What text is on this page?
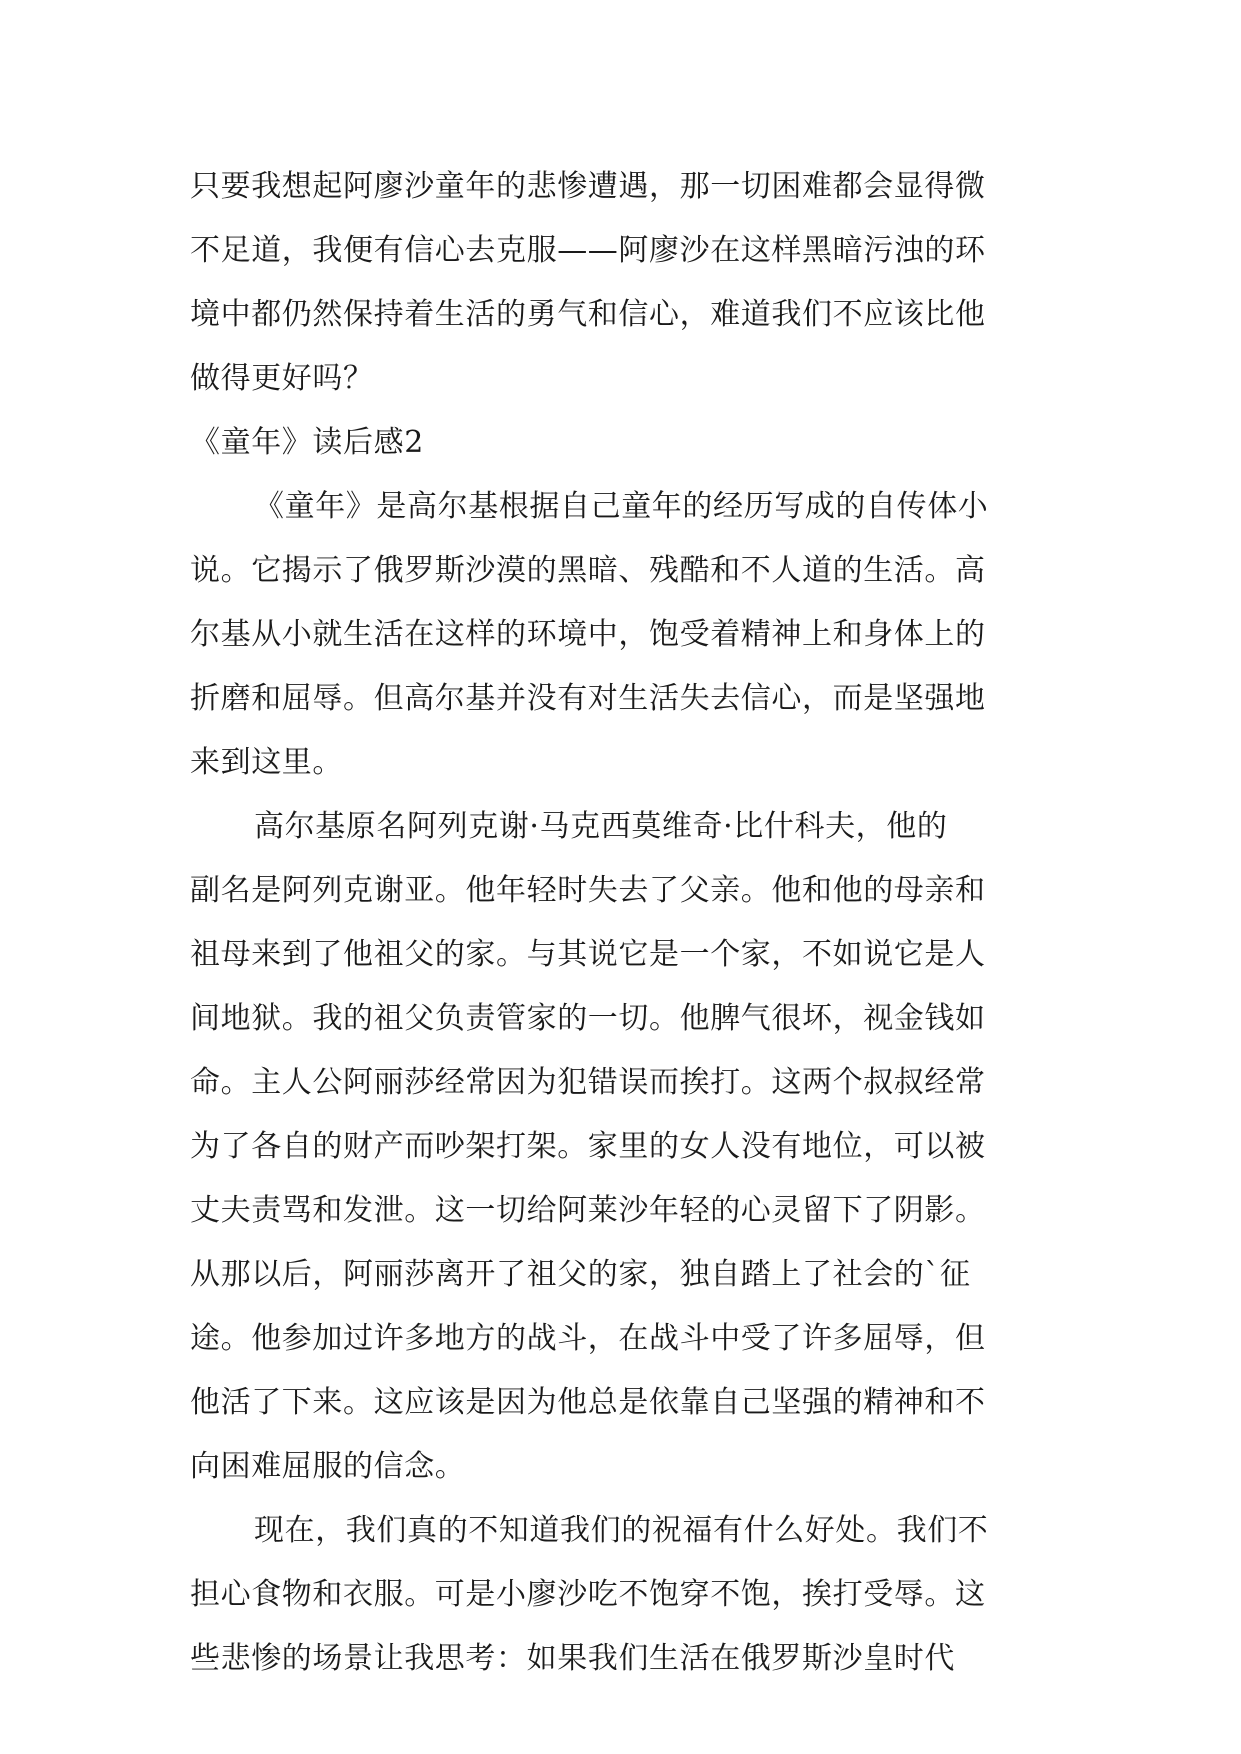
只要我想起阿廖沙童年的悲惨遭遇，那一切困难都会显得微
不足道，我便有信心去克服——阿廖沙在这样黑暗污浊的环
境中都仍然保持着生活的勇气和信心，难道我们不应该比他
做得更好吗？
《童年》读后感2
《童年》是高尔基根据自己童年的经历写成的自传体小
说。它揭示了俄罗斯沙漠的黑暗、残酷和不人道的生活。高
尔基从小就生活在这样的环境中，饱受着精神上和身体上的
折磨和屈辱。但高尔基并没有对生活失去信心，而是坚强地
来到这里。
高尔基原名阿列克谢·马克西莫维奇·比什科夫，他的
副名是阿列克谢亚。他年轻时失去了父亲。他和他的母亲和
祖母来到了他祖父的家。与其说它是一个家，不如说它是人
间地狱。我的祖父负责管家的一切。他脾气很坏，视金钱如
命。主人公阿丽莎经常因为犯错误而挨打。这两个叔叔经常
为了各自的财产而吵架打架。家里的女人没有地位，可以被
丈夫责骂和发泄。这一切给阿莱沙年轻的心灵留下了阴影。
从那以后，阿丽莎离开了祖父的家，独自踏上了社会的`征
途。他参加过许多地方的战斗，在战斗中受了许多屈辱，但
他活了下来。这应该是因为他总是依靠自己坚强的精神和不
向困难屈服的信念。
现在，我们真的不知道我们的祝福有什么好处。我们不
担心食物和衣服。可是小廖沙吃不饱穿不饱，挨打受辱。这
些悲惨的场景让我思考：如果我们生活在俄罗斯沙皇时代
